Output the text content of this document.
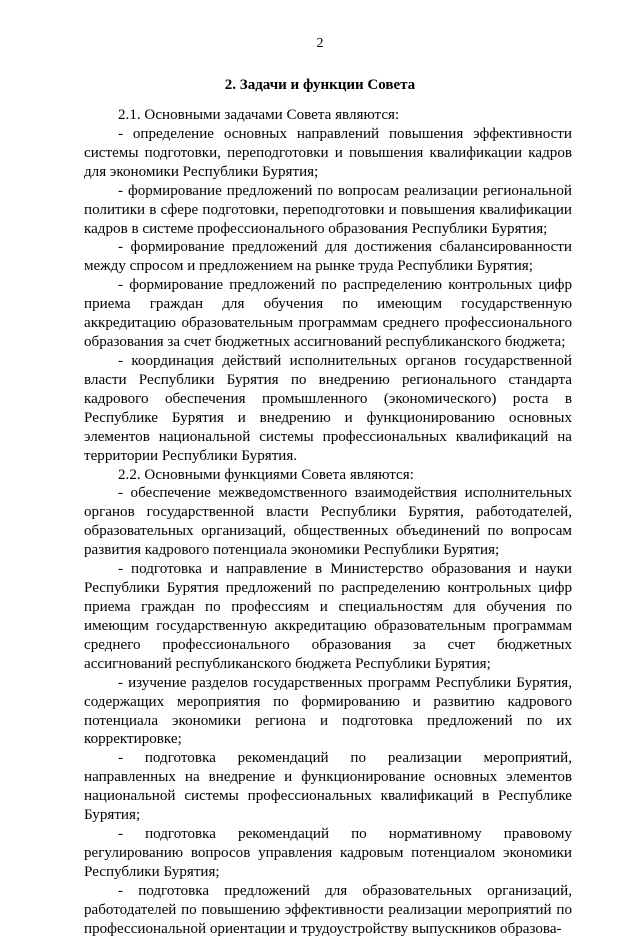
2
2. Задачи и функции Совета

2.1. Основными задачами Совета являются:

- определение основных направлений повышения эффективности системы подготовки, переподготовки и повышения квалификации кадров для экономики Республики Бурятия;

- формирование предложений по вопросам реализации региональной политики в сфере подготовки, переподготовки и повышения квалификации кадров в системе профессионального образования Республики Бурятия;

- формирование предложений для достижения сбалансированности между спросом и предложением на рынке труда Республики Бурятия;

- формирование предложений по распределению контрольных цифр приема граждан для обучения по имеющим государственную аккредитацию образовательным программам среднего профессионального образования за счет бюджетных ассигнований республиканского бюджета;

- координация действий исполнительных органов государственной власти Республики Бурятия по внедрению регионального стандарта кадрового обеспечения промышленного (экономического) роста в Республике Бурятия и внедрению и функционированию основных элементов национальной системы профессиональных квалификаций на территории Республики Бурятия.

2.2. Основными функциями Совета являются:

- обеспечение межведомственного взаимодействия исполнительных органов государственной власти Республики Бурятия, работодателей, образовательных организаций, общественных объединений по вопросам развития кадрового потенциала экономики Республики Бурятия;

- подготовка и направление в Министерство образования и науки Республики Бурятия предложений по распределению контрольных цифр приема граждан по профессиям и специальностям для обучения по имеющим государственную аккредитацию образовательным программам среднего профессионального образования за счет бюджетных ассигнований республиканского бюджета Республики Бурятия;

- изучение разделов государственных программ Республики Бурятия, содержащих мероприятия по формированию и развитию кадрового потенциала экономики региона и подготовка предложений по их корректировке;

- подготовка рекомендаций по реализации мероприятий, направленных на внедрение и функционирование основных элементов национальной системы профессиональных квалификаций в Республике Бурятия;

- подготовка рекомендаций по нормативному правовому регулированию вопросов управления кадровым потенциалом экономики Республики Бурятия;

- подготовка предложений для образовательных организаций, работодателей по повышению эффективности реализации мероприятий по профессиональной ориентации и трудоустройству выпускников образова-
